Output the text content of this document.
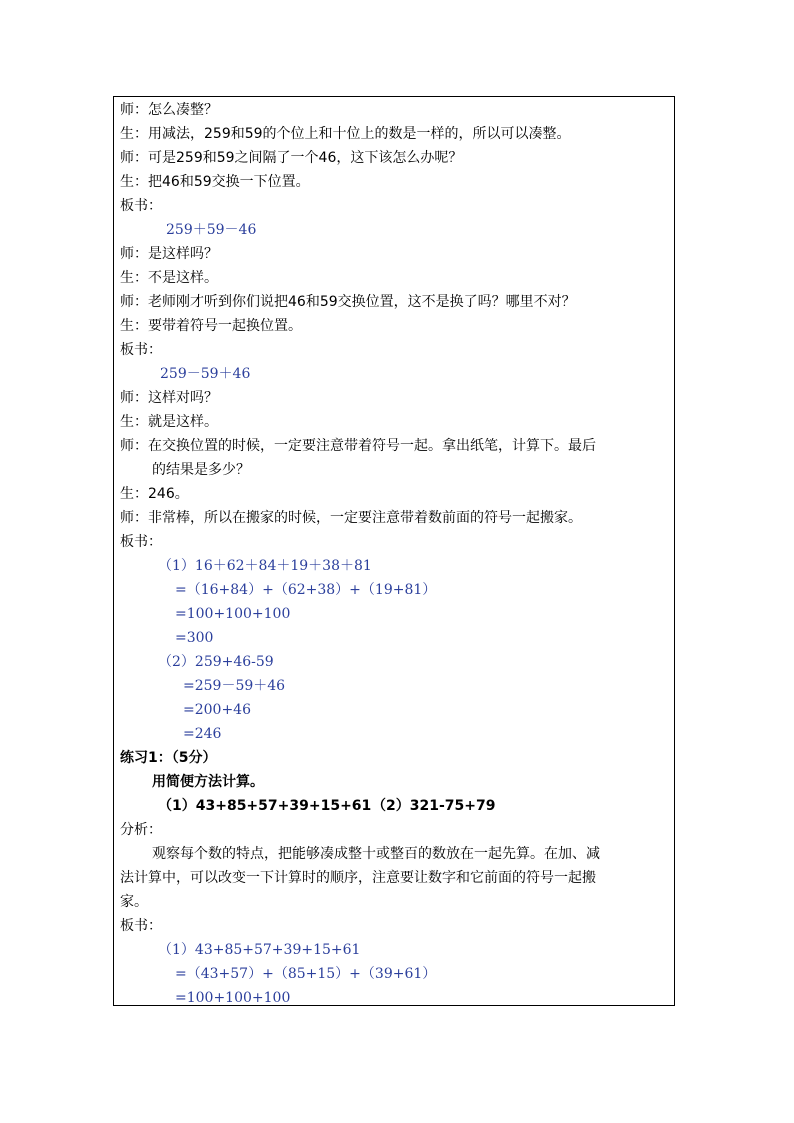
师：怎么凑整？
生：用减法，259和59的个位上和十位上的数是一样的，所以可以凑整。
师：可是259和59之间隔了一个46，这下该怎么办呢？
生：把46和59交换一下位置。
板书：
259＋59－46
师：是这样吗？
生：不是这样。
师：老师刚才听到你们说把46和59交换位置，这不是换了吗？哪里不对？
生：要带着符号一起换位置。
板书：
259－59＋46
师：这样对吗？
生：就是这样。
师：在交换位置的时候，一定要注意带着符号一起。拿出纸笔，计算下。最后
的结果是多少？
生：246。
师：非常棒，所以在搬家的时候，一定要注意带着数前面的符号一起搬家。
板书：
（1）16＋62＋84＋19＋38＋81
=（16+84）+（62+38）+（19+81）
=100+100+100
=300
（2）259+46-59
=259－59＋46
=200+46
=246
练习1：（5分）
用简便方法计算。
（1）43+85+57+39+15+61 （2）321-75+79
分析：
观察每个数的特点，把能够凑成整十或整百的数放在一起先算。在加、减
法计算中，可以改变一下计算时的顺序，注意要让数字和它前面的符号一起搬
家。
板书：
（1）43+85+57+39+15+61
=（43+57）+（85+15）+（39+61）
=100+100+100
